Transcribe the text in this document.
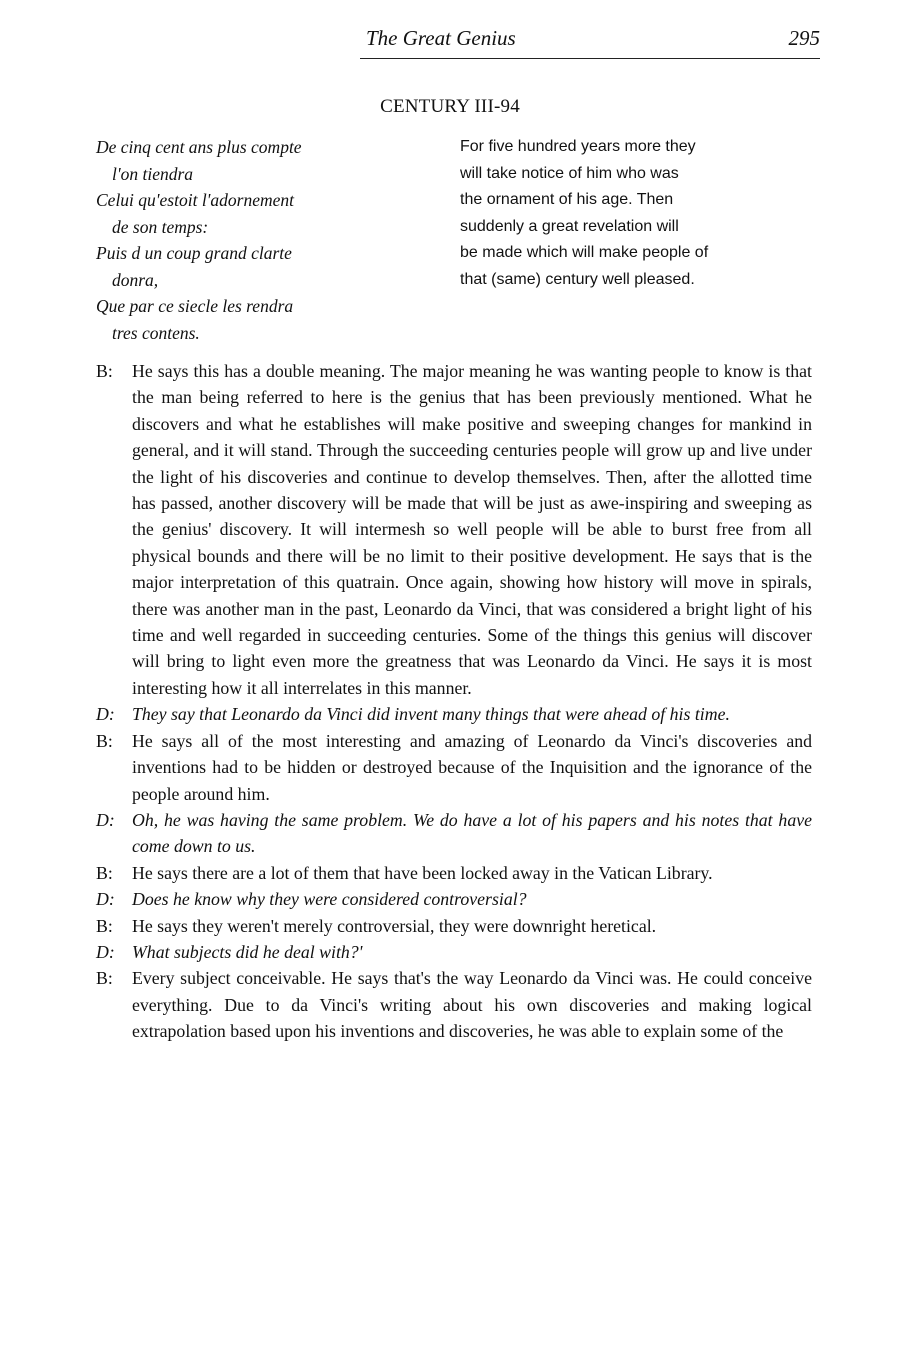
The Great Genius	295
CENTURY III-94
De cinq cent ans plus compte
l'on tiendra
Celui qu'estoit l'adornement
de son temps:
Puis d un coup grand clarte
donra,
Que par ce siecle les rendra
tres contens.
For five hundred years more they
will take notice of him who was
the ornament of his age. Then
suddenly a great revelation will
be made which will make people of
that (same) century well pleased.
B: He says this has a double meaning. The major meaning he was wanting people to know is that the man being referred to here is the genius that has been previously mentioned. What he discovers and what he establishes will make positive and sweeping changes for mankind in general, and it will stand. Through the succeeding centuries people will grow up and live under the light of his discoveries and continue to develop themselves. Then, after the allotted time has passed, another discovery will be made that will be just as awe-inspiring and sweeping as the genius' discovery. It will intermesh so well people will be able to burst free from all physical bounds and there will be no limit to their positive development. He says that is the major interpretation of this quatrain. Once again, showing how history will move in spirals, there was another man in the past, Leonardo da Vinci, that was considered a bright light of his time and well regarded in succeeding centuries. Some of the things this genius will discover will bring to light even more the greatness that was Leonardo da Vinci. He says it is most interesting how it all interrelates in this manner.
D: They say that Leonardo da Vinci did invent many things that were ahead of his time.
B: He says all of the most interesting and amazing of Leonardo da Vinci's discoveries and inventions had to be hidden or destroyed because of the Inquisition and the ignorance of the people around him.
D: Oh, he was having the same problem. We do have a lot of his papers and his notes that have come down to us.
B: He says there are a lot of them that have been locked away in the Vatican Library.
D: Does he know why they were considered controversial?
B: He says they weren't merely controversial, they were downright heretical.
D: What subjects did he deal with?'
B: Every subject conceivable. He says that's the way Leonardo da Vinci was. He could conceive everything. Due to da Vinci's writing about his own discoveries and making logical extrapolation based upon his inventions and discoveries, he was able to explain some of the
